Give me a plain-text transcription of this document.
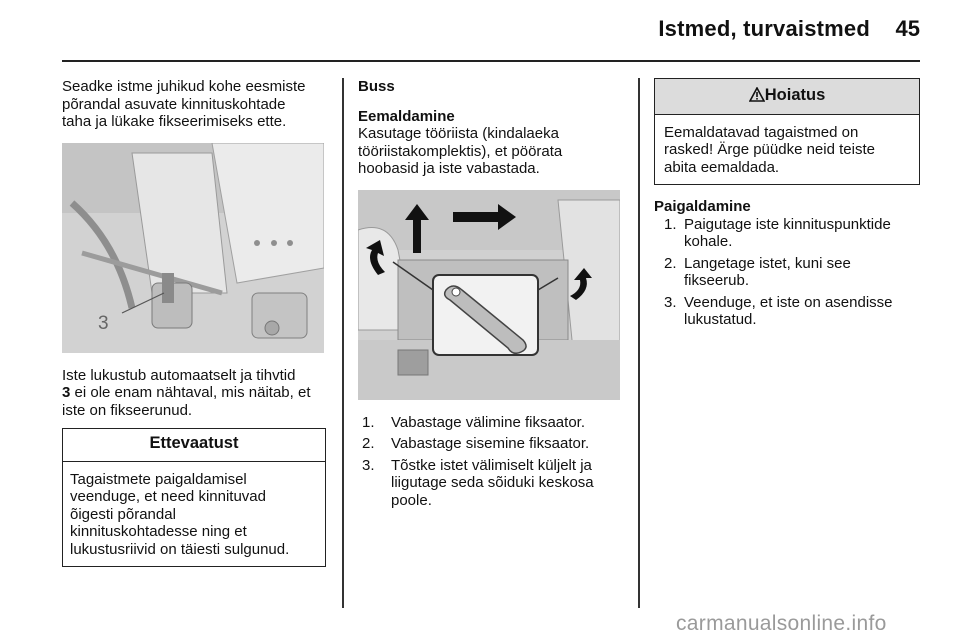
Istmed, turvaistmed 45

Seadke istme juhikud kohe eesmiste
põrandal asuvate kinnituskohtade
taha ja lükake fikseerimiseks ette.

3

Iste lukustub automaatselt ja tihvtid
3 ei ole enam nähtaval, mis näitab, et
iste on fikseerunud.

Ettevaatust
Tagaistmete paigaldamisel
veenduge, et need kinnituvad
õigesti põrandal
kinnituskohtadesse ning et
lukustusriivid on täiesti sulgunud.

Buss

Eemaldamine

Kasutage tööriista (kindalaeka
tööriistakomplektis), et pöörata
hoobasid ja iste vabastada.

1. Vabastage välimine fiksaator.
2. Vabastage sisemine fiksaator.
3. Tõstke istet välimiselt küljelt ja
liigutage seda sõiduki keskosa
poole.
Hoiatus
Eemaldatavad tagaistmed on
rasked! Ärge püüdke neid teiste
abita eemaldada.

Paigaldamine

1. Paigutage iste kinnituspunktide
kohale.
2. Langetage istet, kuni see
fikseerub.
3. Veenduge, et iste on asendisse
lukustatud.
carmanualsonline.info
